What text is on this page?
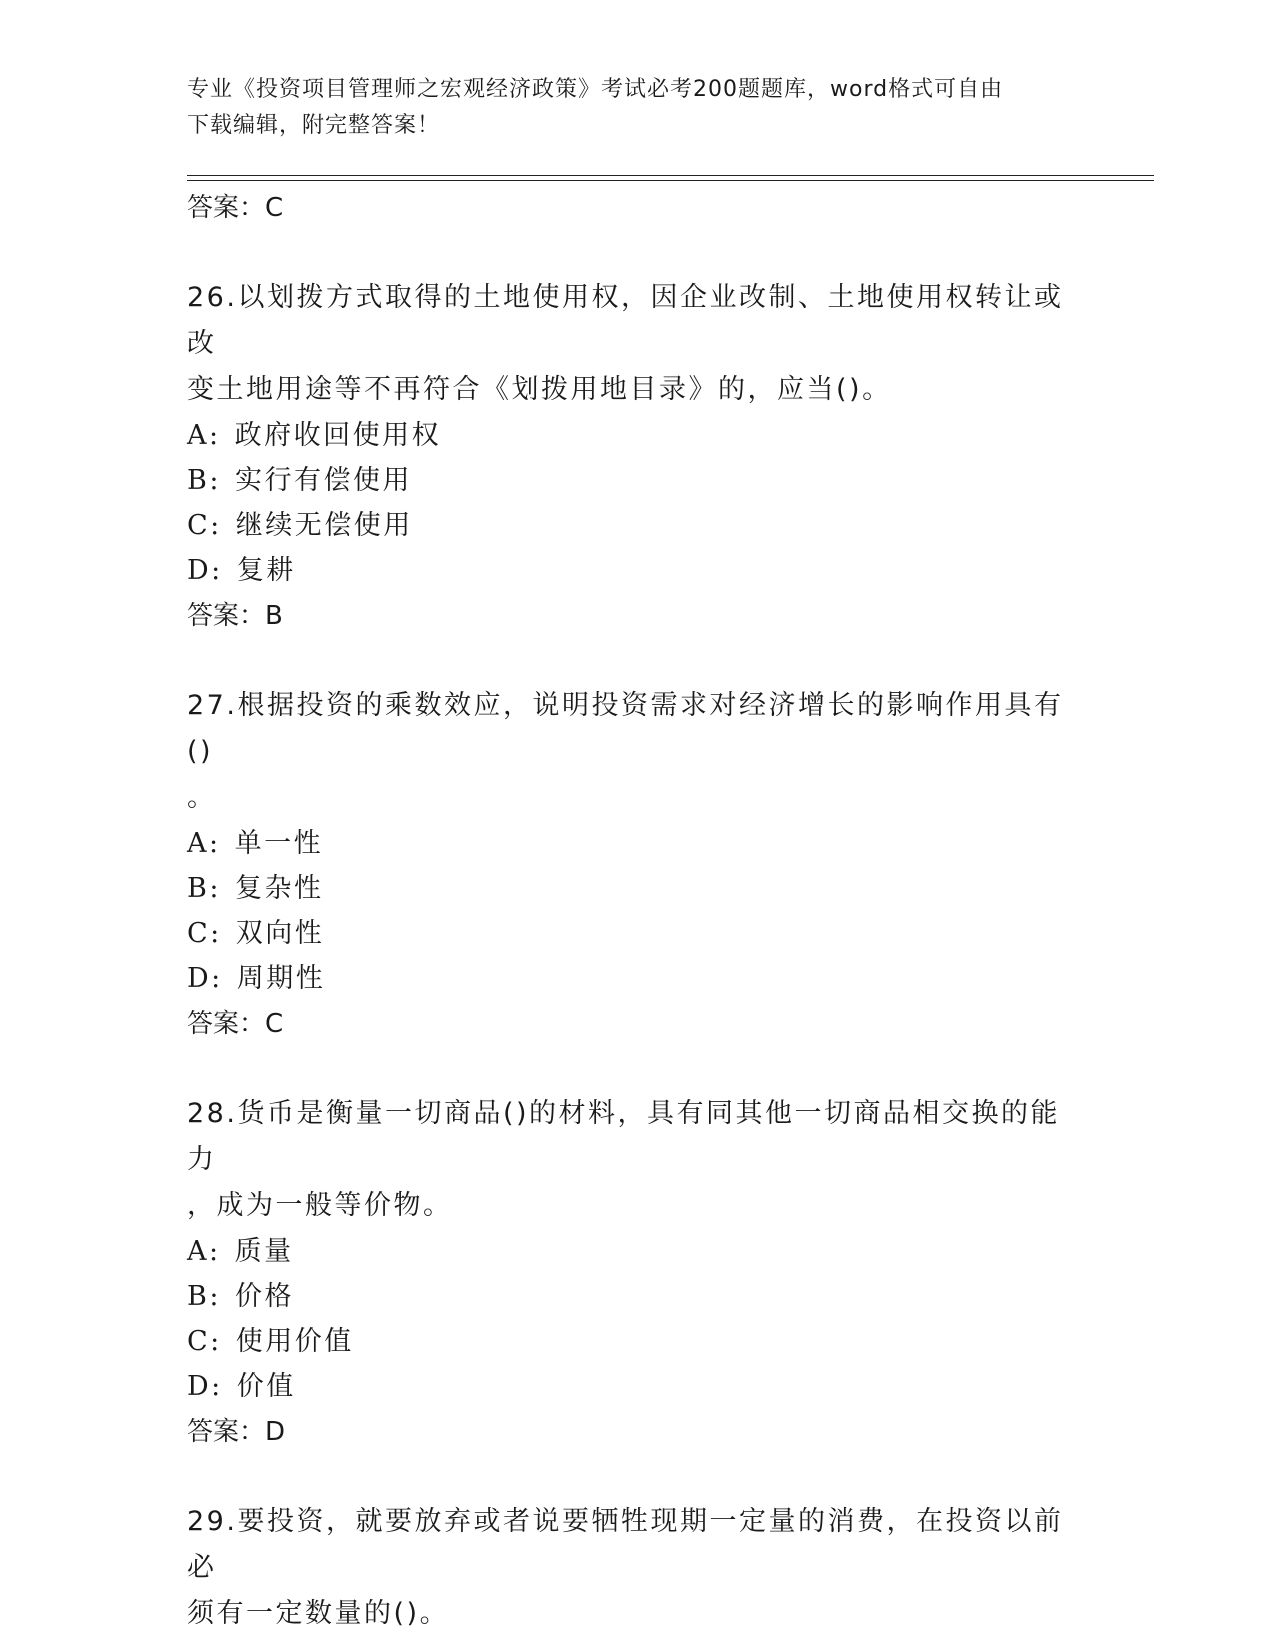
专业《投资项目管理师之宏观经济政策》考试必考200题题库，word格式可自由
下载编辑，附完整答案！
答案：C
26.以划拨方式取得的土地使用权，因企业改制、土地使用权转让或改
变土地用途等不再符合《划拨用地目录》的，应当()。
A: 政府收回使用权
B: 实行有偿使用
C: 继续无偿使用
D: 复耕
答案：B
27.根据投资的乘数效应，说明投资需求对经济增长的影响作用具有()
。
A: 单一性
B: 复杂性
C: 双向性
D: 周期性
答案：C
28.货币是衡量一切商品()的材料，具有同其他一切商品相交换的能力
，成为一般等价物。
A: 质量
B: 价格
C: 使用价值
D: 价值
答案：D
29.要投资，就要放弃或者说要牺牲现期一定量的消费，在投资以前必
须有一定数量的()。
